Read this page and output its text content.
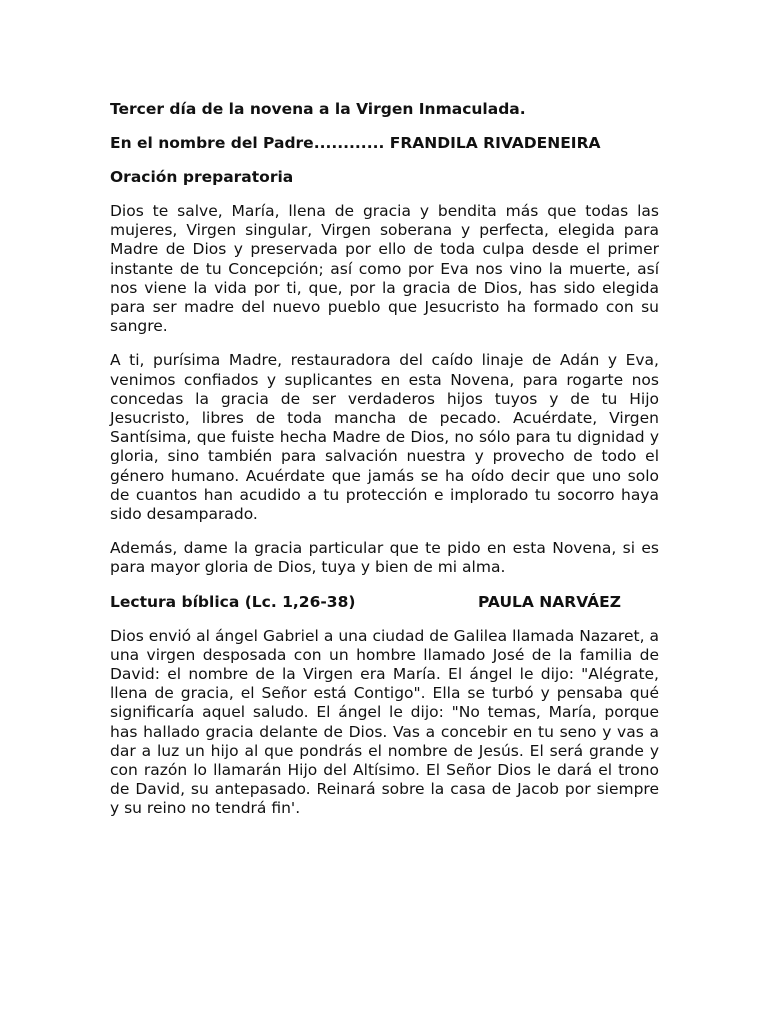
Tercer día de la novena a la Virgen Inmaculada.
En el nombre del Padre............ FRANDILA RIVADENEIRA
Oración preparatoria

Dios te salve, María, llena de gracia y bendita más que todas las mujeres, Virgen singular, Virgen soberana y perfecta, elegida para Madre de Dios y preservada por ello de toda culpa desde el primer instante de tu Concepción; así como por Eva nos vino la muerte, así nos viene la vida por ti, que, por la gracia de Dios, has sido elegida para ser madre del nuevo pueblo que Jesucristo ha formado con su sangre.

A ti, purísima Madre, restauradora del caído linaje de Adán y Eva, venimos confiados y suplicantes en esta Novena, para rogarte nos concedas la gracia de ser verdaderos hijos tuyos y de tu Hijo Jesucristo, libres de toda mancha de pecado. Acuérdate, Virgen Santísima, que fuiste hecha Madre de Dios, no sólo para tu dignidad y gloria, sino también para salvación nuestra y provecho de todo el género humano. Acuérdate que jamás se ha oído decir que uno solo de cuantos han acudido a tu protección e implorado tu socorro haya sido desamparado.

Además, dame la gracia particular que te pido en esta Novena, si es para mayor gloria de Dios, tuya y bien de mi alma.

Lectura bíblica (Lc. 1,26-38)	PAULA NARVÁEZ

Dios envió al ángel Gabriel a una ciudad de Galilea llamada Nazaret, a una virgen desposada con un hombre llamado José de la familia de David: el nombre de la Virgen era María. El ángel le dijo: "Alégrate, llena de gracia, el Señor está Contigo". Ella se turbó y pensaba qué significaría aquel saludo. El ángel le dijo: "No temas, María, porque has hallado gracia delante de Dios. Vas a concebir en tu seno y vas a dar a luz un hijo al que pondrás el nombre de Jesús. El será grande y con razón lo llamarán Hijo del Altísimo. El Señor Dios le dará el trono de David, su antepasado. Reinará sobre la casa de Jacob por siempre y su reino no tendrá fin'.
